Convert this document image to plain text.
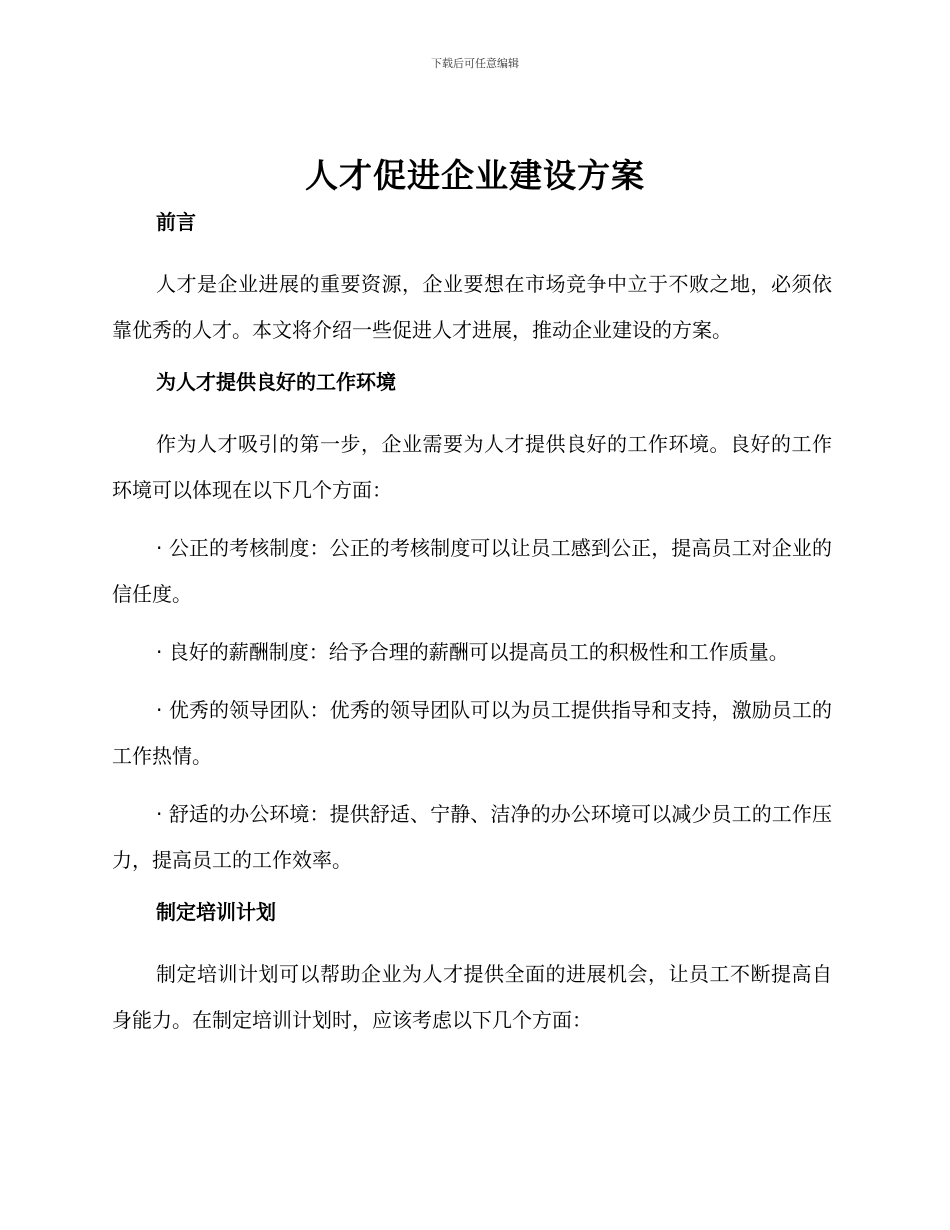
下载后可任意编辑
人才促进企业建设方案

前言

人才是企业进展的重要资源，企业要想在市场竞争中立于不败之地，必须依靠优秀的人才。本文将介绍一些促进人才进展，推动企业建设的方案。

为人才提供良好的工作环境

作为人才吸引的第一步，企业需要为人才提供良好的工作环境。良好的工作环境可以体现在以下几个方面：

· 公正的考核制度：公正的考核制度可以让员工感到公正，提高员工对企业的信任度。

· 良好的薪酬制度：给予合理的薪酬可以提高员工的积极性和工作质量。

· 优秀的领导团队：优秀的领导团队可以为员工提供指导和支持，激励员工的工作热情。

· 舒适的办公环境：提供舒适、宁静、洁净的办公环境可以减少员工的工作压力，提高员工的工作效率。

制定培训计划

制定培训计划可以帮助企业为人才提供全面的进展机会，让员工不断提高自身能力。在制定培训计划时，应该考虑以下几个方面：
